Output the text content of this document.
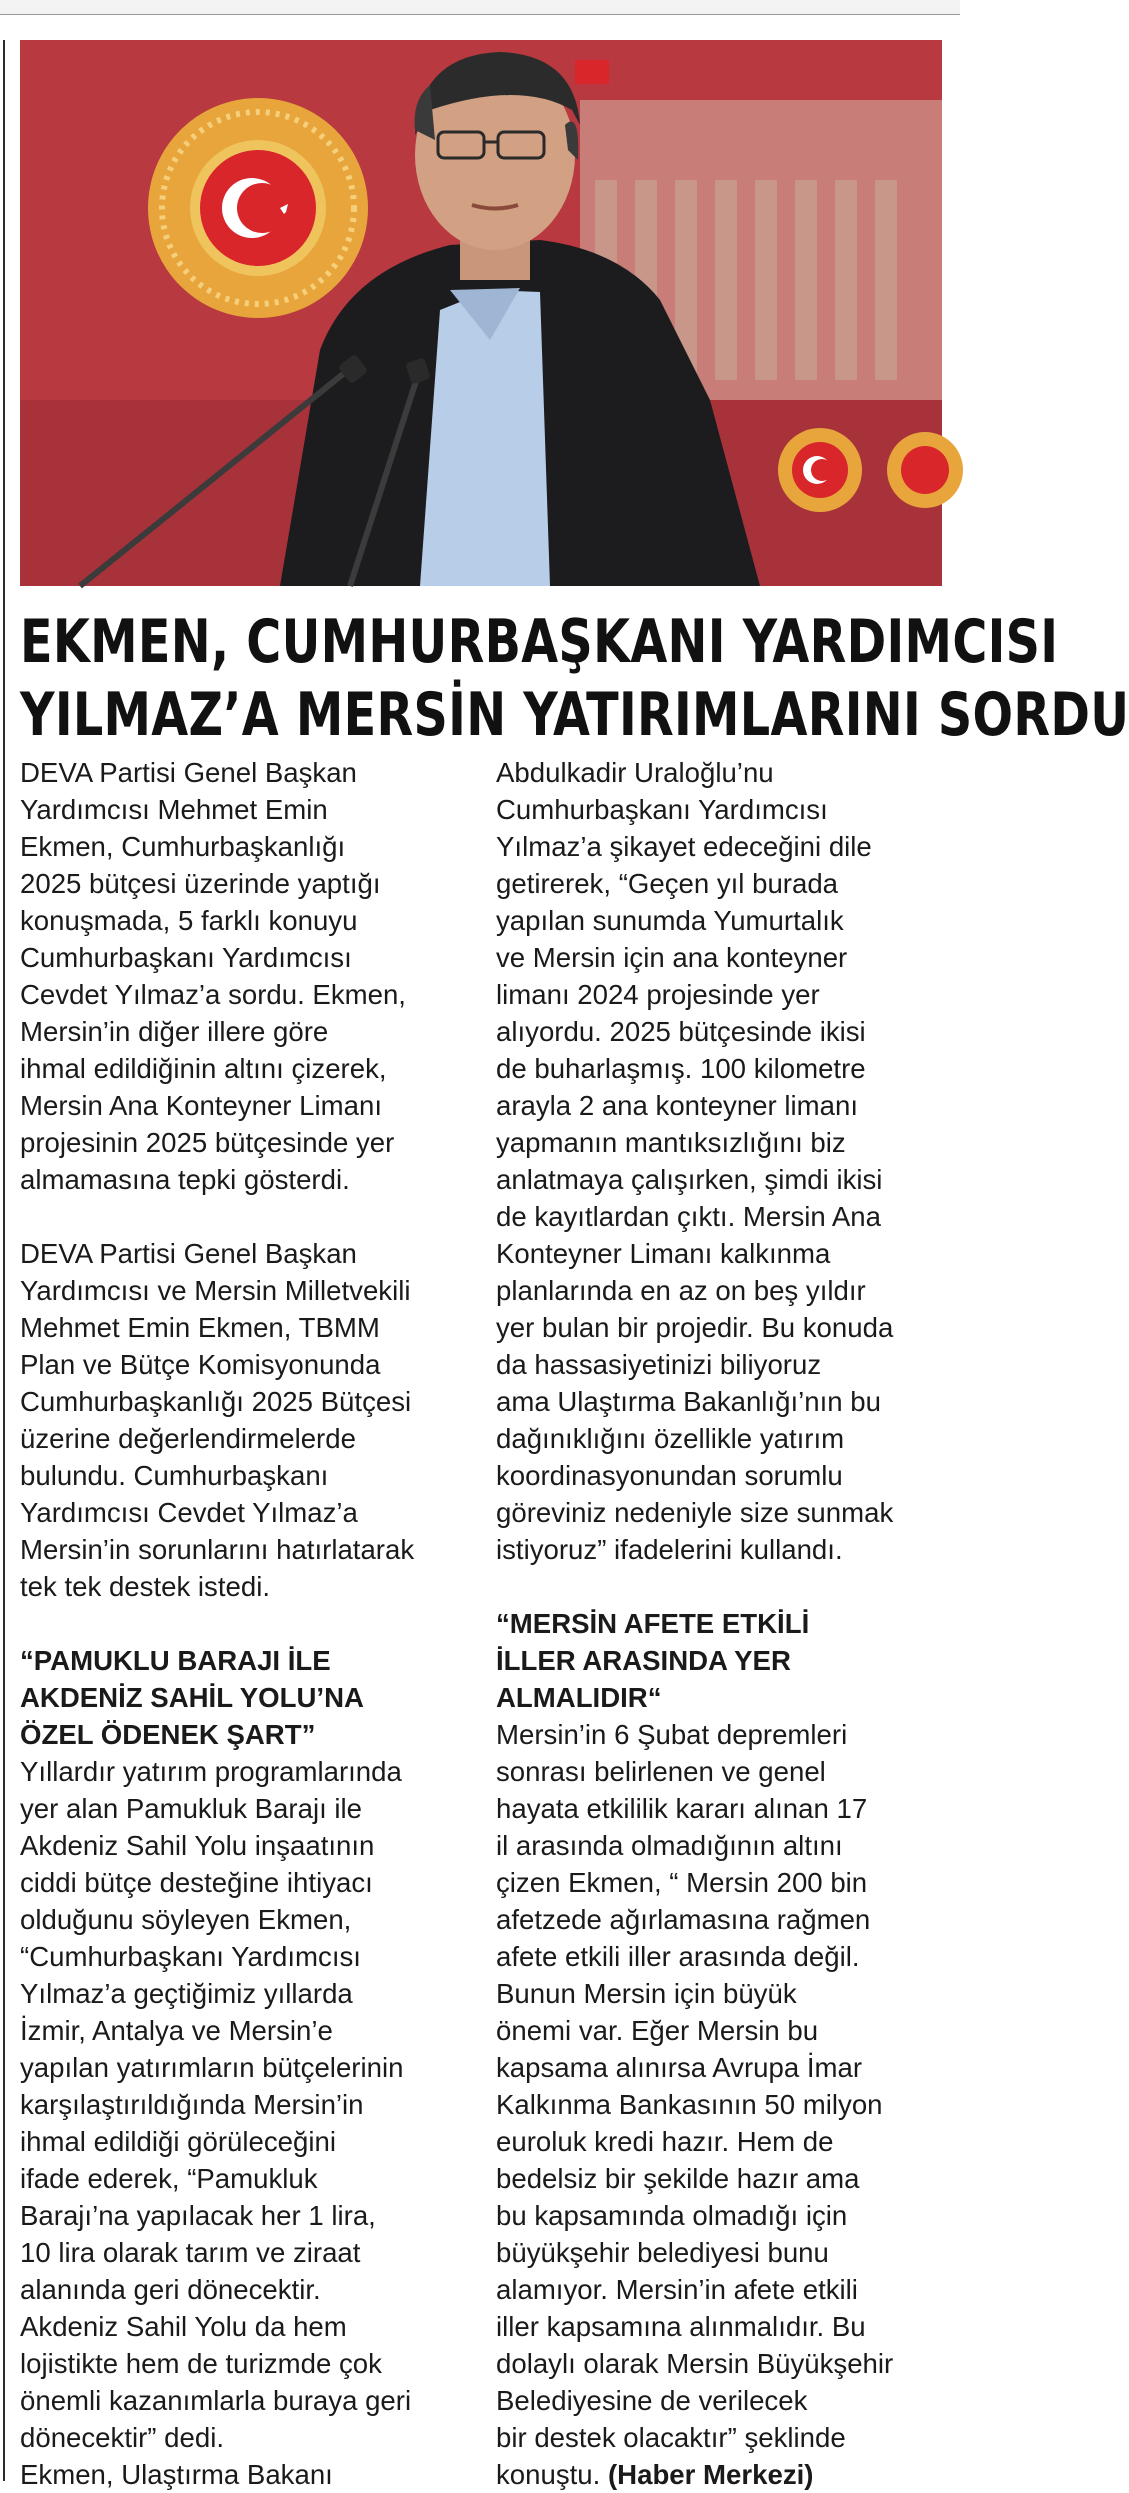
EKMEN, CUMHURBAŞKANI YARDIMCISI
YILMAZ’A MERSİN YATIRIMLARINI SORDU

DEVA Partisi Genel Başkan
Yardımcısı Mehmet Emin
Ekmen, Cumhurbaşkanlığı
2025 bütçesi üzerinde yaptığı
konuşmada, 5 farklı konuyu
Cumhurbaşkanı Yardımcısı
Cevdet Yılmaz’a sordu. Ekmen,
Mersin’in diğer illere göre
ihmal edildiğinin altını çizerek,
Mersin Ana Konteyner Limanı
projesinin 2025 bütçesinde yer
almamasına tepki gösterdi.

DEVA Partisi Genel Başkan
Yardımcısı ve Mersin Milletvekili
Mehmet Emin Ekmen, TBMM
Plan ve Bütçe Komisyonunda
Cumhurbaşkanlığı 2025 Bütçesi
üzerine değerlendirmelerde
bulundu. Cumhurbaşkanı
Yardımcısı Cevdet Yılmaz’a
Mersin’in sorunlarını hatırlatarak
tek tek destek istedi.

“PAMUKLU BARAJI İLE
AKDENİZ SAHİL YOLU’NA
ÖZEL ÖDENEK ŞART”

Yıllardır yatırım programlarında
yer alan Pamukluk Barajı ile
Akdeniz Sahil Yolu inşaatının
ciddi bütçe desteğine ihtiyacı
olduğunu söyleyen Ekmen,
“Cumhurbaşkanı Yardımcısı
Yılmaz’a geçtiğimiz yıllarda
İzmir, Antalya ve Mersin’e
yapılan yatırımların bütçelerinin
karşılaştırıldığında Mersin’in
ihmal edildiği görüleceğini
ifade ederek, “Pamukluk
Barajı’na yapılacak her 1 lira,
10 lira olarak tarım ve ziraat
alanında geri dönecektir.
Akdeniz Sahil Yolu da hem
lojistikte hem de turizmde çok
önemli kazanımlarla buraya geri
dönecektir” dedi.
Ekmen, Ulaştırma Bakanı

Abdulkadir Uraloğlu’nu
Cumhurbaşkanı Yardımcısı
Yılmaz’a şikayet edeceğini dile
getirerek, “Geçen yıl burada
yapılan sunumda Yumurtalık
ve Mersin için ana konteyner
limanı 2024 projesinde yer
alıyordu. 2025 bütçesinde ikisi
de buharlaşmış. 100 kilometre
arayla 2 ana konteyner limanı
yapmanın mantıksızlığını biz
anlatmaya çalışırken, şimdi ikisi
de kayıtlardan çıktı. Mersin Ana
Konteyner Limanı kalkınma
planlarında en az on beş yıldır
yer bulan bir projedir. Bu konuda
da hassasiyetinizi biliyoruz
ama Ulaştırma Bakanlığı’nın bu
dağınıklığını özellikle yatırım
koordinasyonundan sorumlu
göreviniz nedeniyle size sunmak
istiyoruz” ifadelerini kullandı.

“MERSİN AFETE ETKİLİ
İLLER ARASINDA YER
ALMALIDIR“

Mersin’in 6 Şubat depremleri
sonrası belirlenen ve genel
hayata etkililik kararı alınan 17
il arasında olmadığının altını
çizen Ekmen, “ Mersin 200 bin
afetzede ağırlamasına rağmen
afete etkili iller arasında değil.
Bunun Mersin için büyük
önemi var. Eğer Mersin bu
kapsama alınırsa Avrupa İmar
Kalkınma Bankasının 50 milyon
euroluk kredi hazır. Hem de
bedelsiz bir şekilde hazır ama
bu kapsamında olmadığı için
büyükşehir belediyesi bunu
alamıyor. Mersin’in afete etkili
iller kapsamına alınmalıdır. Bu
dolaylı olarak Mersin Büyükşehir
Belediyesine de verilecek
bir destek olacaktır” şeklinde
konuştu. (Haber Merkezi)
